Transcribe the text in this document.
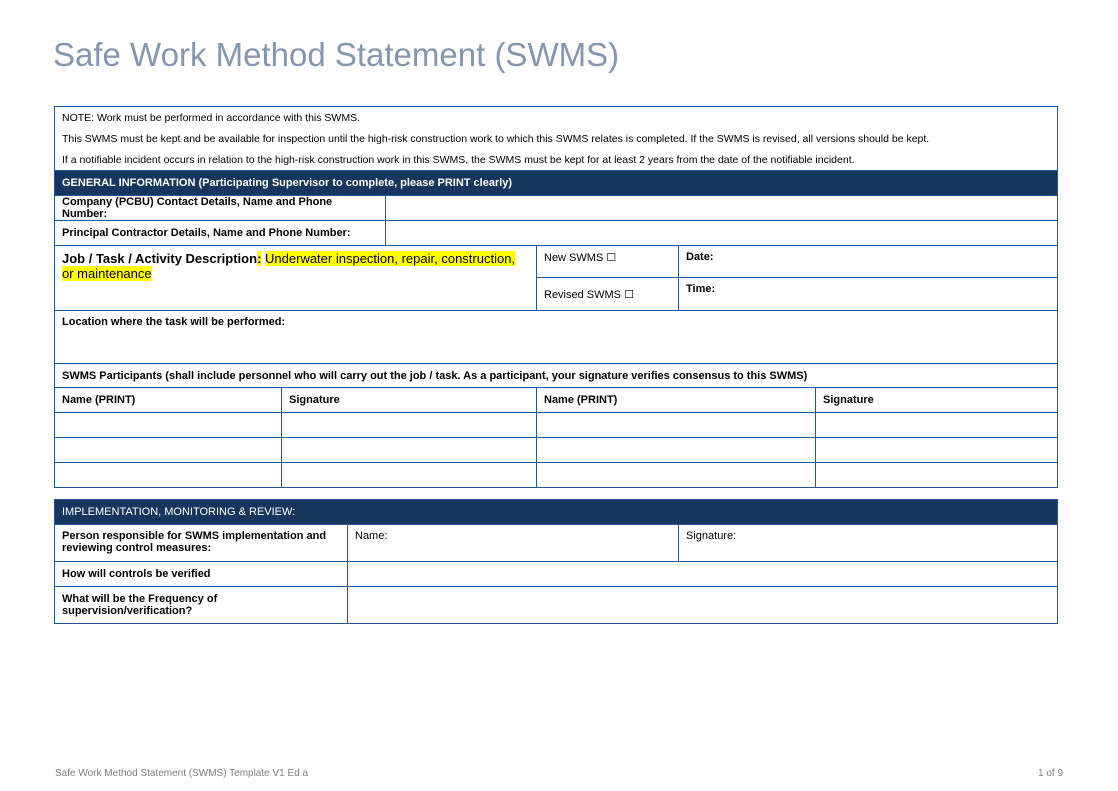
Safe Work Method Statement (SWMS)
NOTE: Work must be performed in accordance with this SWMS.					
This SWMS must be kept and be available for inspection until the high-risk construction work to which this SWMS relates is completed. If the SWMS is revised, all versions should be kept.					
If a notifiable incident occurs in relation to the high-risk construction work in this SWMS, the SWMS must be kept for at least 2 years from the date of the notifiable incident.					
GENERAL INFORMATION (Participating Supervisor to complete, please PRINT clearly)					
Company (PCBU) Contact Details, Name and Phone Number:					
Principal Contractor Details, Name and Phone Number:					
Job / Task / Activity Description: Underwater inspection, repair, construction, or maintenance			New SWMS ☐	Date:	
			Revised SWMS ☐	Time:	
Location where the task will be performed:					
SWMS Participants (shall include personnel who will carry out the job / task. As a participant, your signature verifies consensus to this SWMS)					
Name (PRINT)	Signature		Name (PRINT)		Signature

IMPLEMENTATION, MONITORING & REVIEW:		
Person responsible for SWMS implementation and reviewing control measures:	Name:	Signature:
How will controls be verified		
What will be the Frequency of supervision/verification?		
Safe Work Method Statement (SWMS) Template V1 Ed a	1 of 9
